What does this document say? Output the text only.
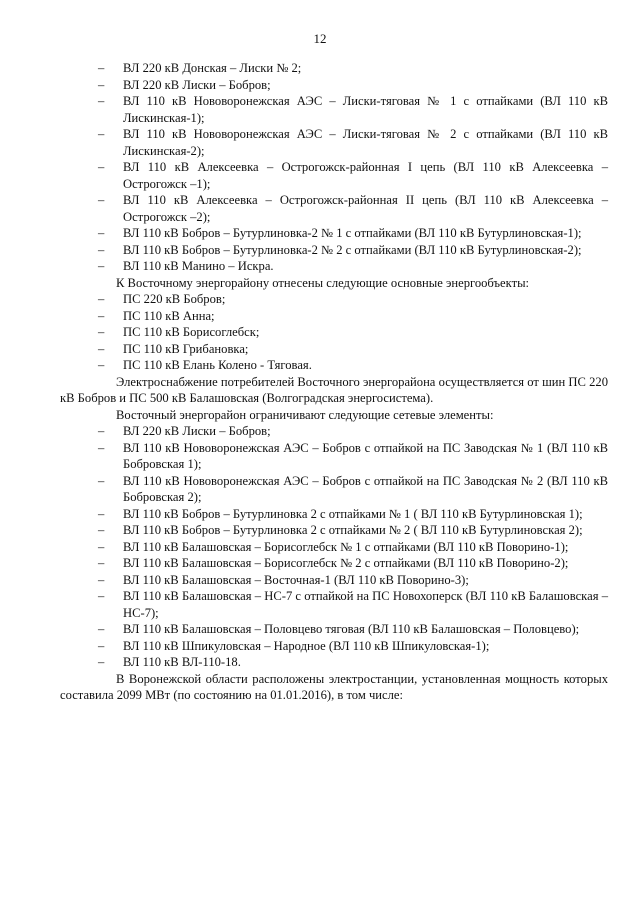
12
–	ВЛ 220 кВ Донская – Лиски № 2;
–	ВЛ 220 кВ Лиски – Бобров;
–	ВЛ 110 кВ Нововоронежская АЭС – Лиски-тяговая № 1 с отпайками (ВЛ 110 кВ Лискинская-1);
–	ВЛ 110 кВ Нововоронежская АЭС – Лиски-тяговая № 2 с отпайками (ВЛ 110 кВ Лискинская-2);
–	ВЛ 110 кВ Алексеевка – Острогожск-районная I цепь (ВЛ 110 кВ Алексеевка – Острогожск –1);
–	ВЛ 110 кВ Алексеевка – Острогожск-районная II цепь (ВЛ 110 кВ Алексеевка – Острогожск –2);
–	ВЛ 110 кВ Бобров – Бутурлиновка-2 № 1 с отпайками (ВЛ 110 кВ Бутурлиновская-1);
–	ВЛ 110 кВ Бобров – Бутурлиновка-2 № 2 с отпайками (ВЛ 110 кВ Бутурлиновская-2);
–	ВЛ 110 кВ Манино – Искра.

К Восточному энергорайону отнесены следующие основные энергообъекты:

–	ПС 220 кВ Бобров;
–	ПС 110 кВ Анна;
–	ПС 110 кВ Борисоглебск;
–	ПС 110 кВ Грибановка;
–	ПС 110 кВ Елань Колено - Тяговая.

Электроснабжение потребителей Восточного энергорайона осуществляется от шин ПС 220 кВ Бобров и ПС 500 кВ Балашовская (Волгоградская энергосистема).

Восточный энергорайон ограничивают следующие сетевые элементы:

–	ВЛ 220 кВ Лиски – Бобров;
–	ВЛ 110 кВ Нововоронежская АЭС – Бобров с отпайкой на ПС Заводская № 1 (ВЛ 110 кВ Бобровская 1);
–	ВЛ 110 кВ Нововоронежская АЭС – Бобров с отпайкой на ПС Заводская № 2 (ВЛ 110 кВ Бобровская 2);
–	ВЛ 110 кВ Бобров – Бутурлиновка 2 с отпайками № 1 ( ВЛ 110 кВ Бутурлиновская 1);
–	ВЛ 110 кВ Бобров – Бутурлиновка 2 с отпайками № 2 ( ВЛ 110 кВ Бутурлиновская 2);
–	ВЛ 110 кВ Балашовская – Борисоглебск № 1 с отпайками (ВЛ 110 кВ Поворино-1);
–	ВЛ 110 кВ Балашовская – Борисоглебск № 2 с отпайками (ВЛ 110 кВ Поворино-2);
–	ВЛ 110 кВ Балашовская – Восточная-1 (ВЛ 110 кВ Поворино-3);
–	ВЛ 110 кВ Балашовская – НС-7 с отпайкой на ПС Новохоперск (ВЛ 110 кВ Балашовская – НС-7);
–	ВЛ 110 кВ Балашовская – Половцево тяговая (ВЛ 110 кВ Балашовская – Половцево);
–	ВЛ 110 кВ Шпикуловская – Народное (ВЛ 110 кВ Шпикуловская-1);
–	ВЛ 110 кВ ВЛ-110-18.

В Воронежской области расположены электростанции, установленная мощность которых составила 2099 МВт (по состоянию на 01.01.2016), в том числе:
